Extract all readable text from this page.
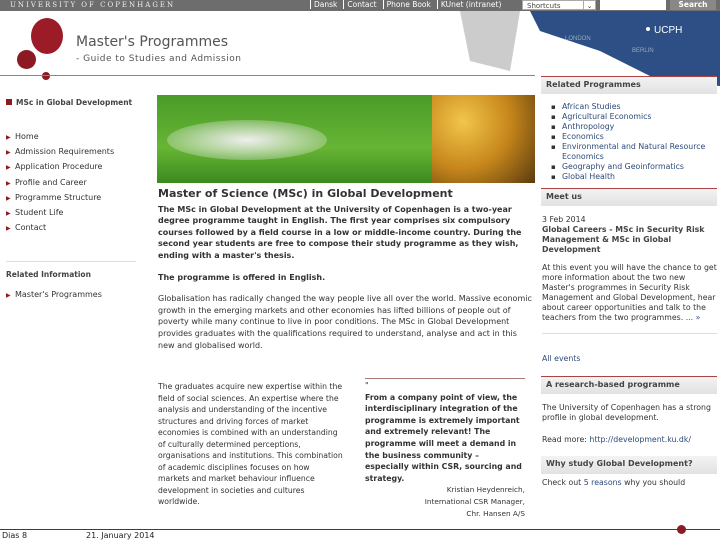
UNIVERSITY OF COPENHAGEN	Dansk Contact Phone Book KUnet (intranet)	Shortcuts	⌄	Search
UCPH
LONDON
BERLIN
Master's Programmes
- Guide to Studies and Admission
MSc in Global Development
▶ Home
▶ Admission Requirements
▶ Application Procedure
▶ Profile and Career
▶ Programme Structure
▶ Student Life
▶ Contact
Related Information
▶ Master's Programmes
Master of Science (MSc) in Global Development
The MSc in Global Development at the University of Copenhagen is a two-year degree programme taught in English. The first year comprises six compulsory courses followed by a field course in a low or middle-income country. During the second year students are free to compose their study programme as they wish, ending with a master's thesis.
The programme is offered in English.
Globalisation has radically changed the way people live all over the world. Massive economic growth in the emerging markets and other economies has lifted billions of people out of poverty while many continue to live in poor conditions. The MSc in Global Development provides graduates with the qualifications required to understand, analyse and act in this new and globalised world.
The graduates acquire new expertise within the field of social sciences. An expertise where the analysis and understanding of the incentive structures and driving forces of market economies is combined with an understanding of culturally determined perceptions, organisations and institutions. This combination of academic disciplines focuses on how markets and market behaviour influence development in societies and cultures worldwide.
"
From a company point of view, the interdisciplinary integration of the programme is extremely important and extremely relevant! The programme will meet a demand in the business community – especially within CSR, sourcing and strategy.
Kristian Heydenreich,
International CSR Manager,
Chr. Hansen A/S
Related Programmes
▪ African Studies
▪ Agricultural Economics
▪ Anthropology
▪ Economics
▪ Environmental and Natural Resource Economics
▪ Geography and Geoinformatics
▪ Global Health
Meet us
3 Feb 2014
Global Careers - MSc in Security Risk Management & MSc in Global Development
At this event you will have the chance to get more information about the two new Master's programmes in Security Risk Management and Global Development, hear about career opportunities and talk to the teachers from the two programmes. ... »
All events
A research-based programme
The University of Copenhagen has a strong profile in global development.
Read more: http://development.ku.dk/
Why study Global Development?
Check out 5 reasons why you should
Dias 8	21. January 2014
